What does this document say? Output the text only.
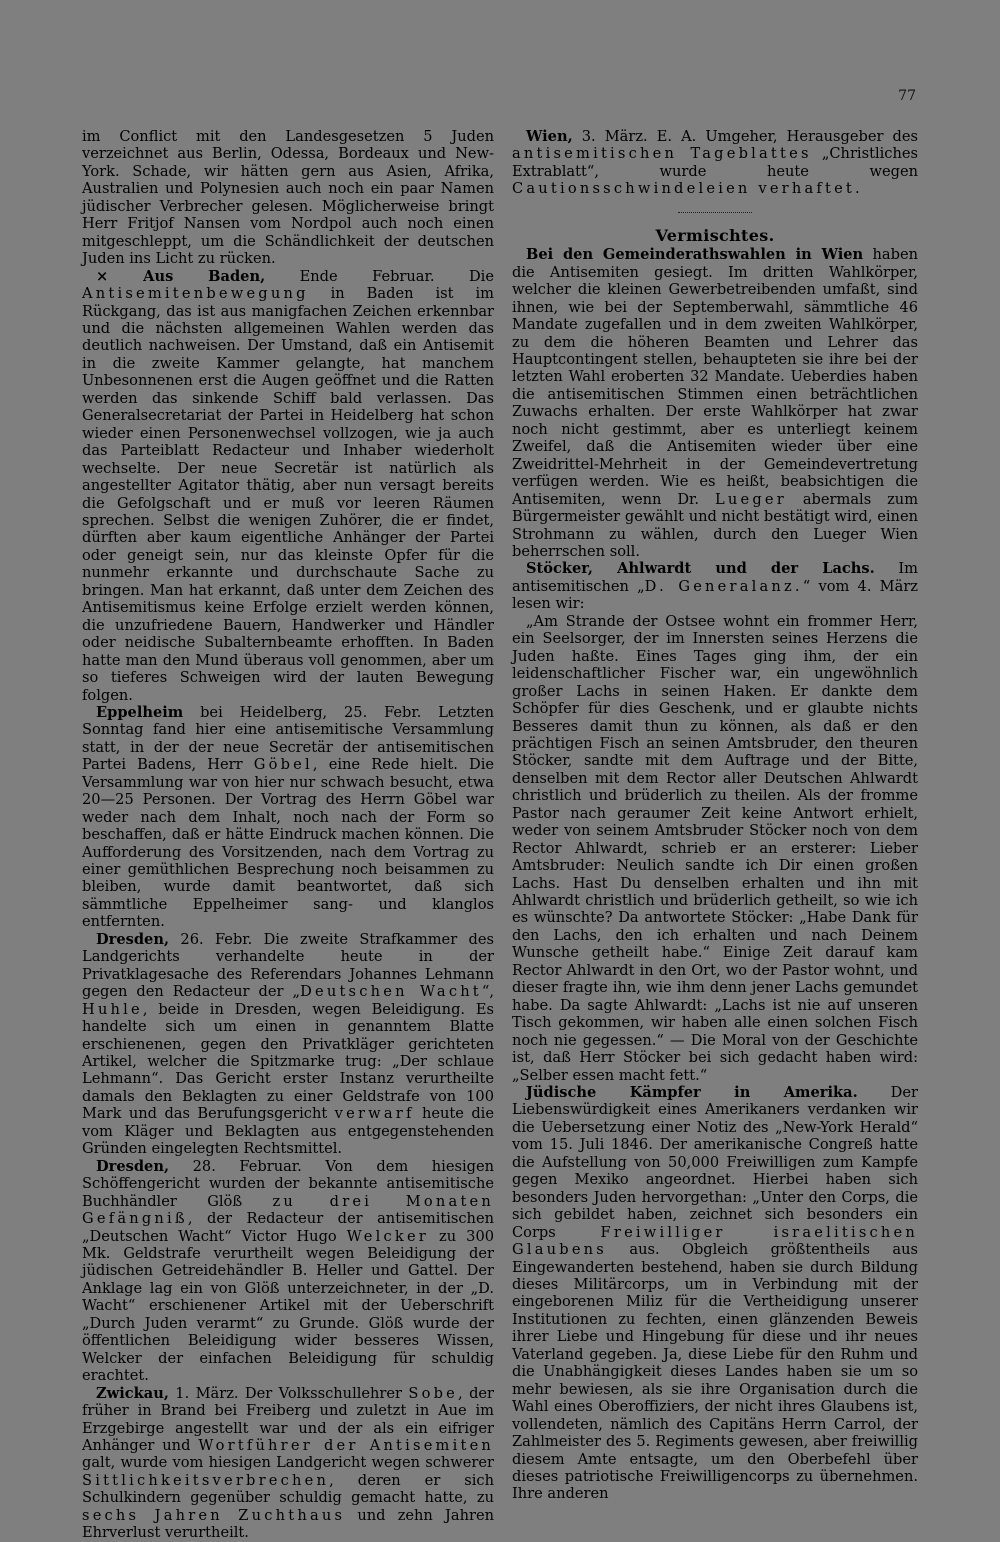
77

im Conflict mit den Landesgesetzen 5 Juden verzeichnet aus Berlin, Odessa, Bordeaux und New-York. Schade, wir hätten gern aus Asien, Afrika, Australien und Polynesien auch noch ein paar Namen jüdischer Verbrecher gelesen. Möglicherweise bringt Herr Fritjof Nansen vom Nordpol auch noch einen mitgeschleppt, um die Schändlichkeit der deutschen Juden ins Licht zu rücken.

× Aus Baden, Ende Februar. Die Antisemitenbewegung in Baden ist im Rückgang, das ist aus manigfachen Zeichen erkennbar und die nächsten allgemeinen Wahlen werden das deutlich nachweisen. Der Umstand, daß ein Antisemit in die zweite Kammer gelangte, hat manchem Unbesonnenen erst die Augen geöffnet und die Ratten werden das sinkende Schiff bald verlassen. Das Generalsecretariat der Partei in Heidelberg hat schon wieder einen Personenwechsel vollzogen, wie ja auch das Parteiblatt Redacteur und Inhaber wiederholt wechselte. Der neue Secretär ist natürlich als angestellter Agitator thätig, aber nun versagt bereits die Gefolgschaft und er muß vor leeren Räumen sprechen. Selbst die wenigen Zuhörer, die er findet, dürften aber kaum eigentliche Anhänger der Partei oder geneigt sein, nur das kleinste Opfer für die nunmehr erkannte und durchschaute Sache zu bringen. Man hat erkannt, daß unter dem Zeichen des Antisemitismus keine Erfolge erzielt werden können, die unzufriedene Bauern, Handwerker und Händler oder neidische Subalternbeamte erhofften. In Baden hatte man den Mund überaus voll genommen, aber um so tieferes Schweigen wird der lauten Bewegung folgen.

Eppelheim bei Heidelberg, 25. Febr. Letzten Sonntag fand hier eine antisemitische Versammlung statt, in der der neue Secretär der antisemitischen Partei Badens, Herr Göbel, eine Rede hielt. Die Versammlung war von hier nur schwach besucht, etwa 20—25 Personen. Der Vortrag des Herrn Göbel war weder nach dem Inhalt, noch nach der Form so beschaffen, daß er hätte Eindruck machen können. Die Aufforderung des Vorsitzenden, nach dem Vortrag zu einer gemüthlichen Besprechung noch beisammen zu bleiben, wurde damit beantwortet, daß sich sämmtliche Eppelheimer sang- und klanglos entfernten.

Dresden, 26. Febr. Die zweite Strafkammer des Landgerichts verhandelte heute in der Privatklagesache des Referendars Johannes Lehmann gegen den Redacteur der „Deutschen Wacht“, Huhle, beide in Dresden, wegen Beleidigung. Es handelte sich um einen in genanntem Blatte erschienenen, gegen den Privatkläger gerichteten Artikel, welcher die Spitzmarke trug: „Der schlaue Lehmann“. Das Gericht erster Instanz verurtheilte damals den Beklagten zu einer Geldstrafe von 100 Mark und das Berufungsgericht verwarf heute die vom Kläger und Beklagten aus entgegenstehenden Gründen eingelegten Rechtsmittel.

Dresden, 28. Februar. Von dem hiesigen Schöffengericht wurden der bekannte antisemitische Buchhändler Glöß zu drei Monaten Gefängniß, der Redacteur der antisemitischen „Deutschen Wacht“ Victor Hugo Welcker zu 300 Mk. Geldstrafe verurtheilt wegen Beleidigung der jüdischen Getreidehändler B. Heller und Gattel. Der Anklage lag ein von Glöß unterzeichneter, in der „D. Wacht“ erschienener Artikel mit der Ueberschrift „Durch Juden verarmt“ zu Grunde. Glöß wurde der öffentlichen Beleidigung wider besseres Wissen, Welcker der einfachen Beleidigung für schuldig erachtet.

Zwickau, 1. März. Der Volksschullehrer Sobe, der früher in Brand bei Freiberg und zuletzt in Aue im Erzgebirge angestellt war und der als ein eifriger Anhänger und Wortführer der Antisemiten galt, wurde vom hiesigen Landgericht wegen schwerer Sittlichkeitsverbrechen, deren er sich Schulkindern gegenüber schuldig gemacht hatte, zu sechs Jahren Zuchthaus und zehn Jahren Ehrverlust verurtheilt.

Wien, 3. März. E. A. Umgeher, Herausgeber des antisemitischen Tageblattes „Christliches Extrablatt“, wurde heute wegen Cautionsschwindeleien verhaftet.

Vermischtes.

Bei den Gemeinderathswahlen in Wien haben die Antisemiten gesiegt. Im dritten Wahlkörper, welcher die kleinen Gewerbetreibenden umfaßt, sind ihnen, wie bei der Septemberwahl, sämmtliche 46 Mandate zugefallen und in dem zweiten Wahlkörper, zu dem die höheren Beamten und Lehrer das Hauptcontingent stellen, behaupteten sie ihre bei der letzten Wahl eroberten 32 Mandate. Ueberdies haben die antisemitischen Stimmen einen beträchtlichen Zuwachs erhalten. Der erste Wahlkörper hat zwar noch nicht gestimmt, aber es unterliegt keinem Zweifel, daß die Antisemiten wieder über eine Zweidrittel-Mehrheit in der Gemeindevertretung verfügen werden. Wie es heißt, beabsichtigen die Antisemiten, wenn Dr. Lueger abermals zum Bürgermeister gewählt und nicht bestätigt wird, einen Strohmann zu wählen, durch den Lueger Wien beherrschen soll.

Stöcker, Ahlwardt und der Lachs. Im antisemitischen „D. Generalanz.“ vom 4. März lesen wir:

„Am Strande der Ostsee wohnt ein frommer Herr, ein Seelsorger, der im Innersten seines Herzens die Juden haßte. Eines Tages ging ihm, der ein leidenschaftlicher Fischer war, ein ungewöhnlich großer Lachs in seinen Haken. Er dankte dem Schöpfer für dies Geschenk, und er glaubte nichts Besseres damit thun zu können, als daß er den prächtigen Fisch an seinen Amtsbruder, den theuren Stöcker, sandte mit dem Auftrage und der Bitte, denselben mit dem Rector aller Deutschen Ahlwardt christlich und brüderlich zu theilen. Als der fromme Pastor nach geraumer Zeit keine Antwort erhielt, weder von seinem Amtsbruder Stöcker noch von dem Rector Ahlwardt, schrieb er an ersterer: Lieber Amtsbruder: Neulich sandte ich Dir einen großen Lachs. Hast Du denselben erhalten und ihn mit Ahlwardt christlich und brüderlich getheilt, so wie ich es wünschte? Da antwortete Stöcker: „Habe Dank für den Lachs, den ich erhalten und nach Deinem Wunsche getheilt habe.“ Einige Zeit darauf kam Rector Ahlwardt in den Ort, wo der Pastor wohnt, und dieser fragte ihn, wie ihm denn jener Lachs gemundet habe. Da sagte Ahlwardt: „Lachs ist nie auf unseren Tisch gekommen, wir haben alle einen solchen Fisch noch nie gegessen.“ — Die Moral von der Geschichte ist, daß Herr Stöcker bei sich gedacht haben wird: „Selber essen macht fett.“

Jüdische Kämpfer in Amerika. Der Liebenswürdigkeit eines Amerikaners verdanken wir die Uebersetzung einer Notiz des „New-York Herald“ vom 15. Juli 1846. Der amerikanische Congreß hatte die Aufstellung von 50,000 Freiwilligen zum Kampfe gegen Mexiko angeordnet. Hierbei haben sich besonders Juden hervorgethan: „Unter den Corps, die sich gebildet haben, zeichnet sich besonders ein Corps	Freiwilliger israelitischen Glaubens aus. Obgleich größtentheils aus Eingewanderten bestehend, haben sie durch Bildung dieses Militärcorps, um in Verbindung mit der eingeborenen Miliz für die Vertheidigung unserer Institutionen zu fechten, einen glänzenden Beweis ihrer Liebe und Hingebung für diese und ihr neues Vaterland gegeben. Ja, diese Liebe für den Ruhm und die Unabhängigkeit dieses Landes haben sie um so mehr bewiesen, als sie ihre Organisation durch die Wahl eines Oberoffiziers, der nicht ihres Glaubens ist, vollendeten, nämlich des Capitäns Herrn Carrol, der Zahlmeister des 5. Regiments gewesen, aber freiwillig diesem Amte entsagte, um den Oberbefehl über dieses patriotische Freiwilligencorps zu übernehmen. Ihre anderen
